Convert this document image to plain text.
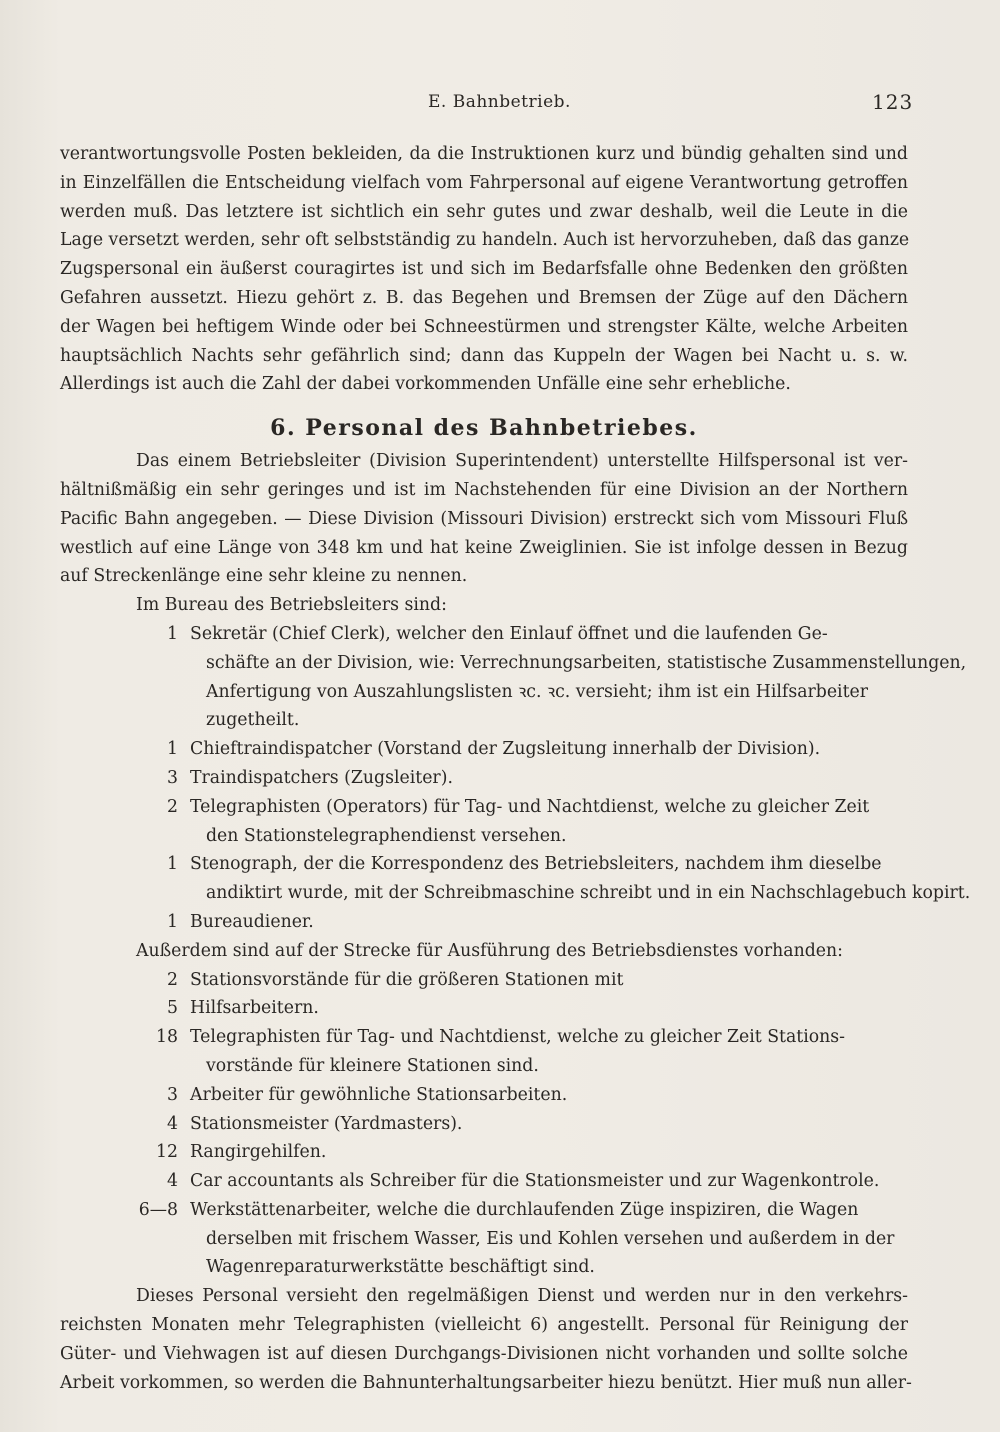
E. Bahnbetrieb.	123

verantwortungsvolle Posten bekleiden, da die Instruktionen kurz und bündig gehalten sind und

in Einzelfällen die Entscheidung vielfach vom Fahrpersonal auf eigene Verantwortung getroffen

werden muß. Das letztere ist sichtlich ein sehr gutes und zwar deshalb, weil die Leute in die

Lage versetzt werden, sehr oft selbstständig zu handeln. Auch ist hervorzuheben, daß das ganze

Zugspersonal ein äußerst couragirtes ist und sich im Bedarfsfalle ohne Bedenken den größten

Gefahren aussetzt. Hiezu gehört z. B. das Begehen und Bremsen der Züge auf den Dächern

der Wagen bei heftigem Winde oder bei Schneestürmen und strengster Kälte, welche Arbeiten

hauptsächlich Nachts sehr gefährlich sind; dann das Kuppeln der Wagen bei Nacht u. s. w.

Allerdings ist auch die Zahl der dabei vorkommenden Unfälle eine sehr erhebliche.

6. Personal des Bahnbetriebes.

Das einem Betriebsleiter (Division Superintendent) unterstellte Hilfspersonal ist ver-

hältnißmäßig ein sehr geringes und ist im Nachstehenden für eine Division an der Northern

Pacific Bahn angegeben. — Diese Division (Missouri Division) erstreckt sich vom Missouri Fluß

westlich auf eine Länge von 348 km und hat keine Zweiglinien. Sie ist infolge dessen in Bezug

auf Streckenlänge eine sehr kleine zu nennen.

Im Bureau des Betriebsleiters sind:

1 Sekretär (Chief Clerk), welcher den Einlauf öffnet und die laufenden Ge-

schäfte an der Division, wie: Verrechnungsarbeiten, statistische Zusammenstellungen,

Anfertigung von Auszahlungslisten ꝛc. ꝛc. versieht; ihm ist ein Hilfsarbeiter

zugetheilt.

1 Chieftraindispatcher (Vorstand der Zugsleitung innerhalb der Division).

3 Traindispatchers (Zugsleiter).

2 Telegraphisten (Operators) für Tag- und Nachtdienst, welche zu gleicher Zeit

den Stationstelegraphendienst versehen.

1 Stenograph, der die Korrespondenz des Betriebsleiters, nachdem ihm dieselbe

andiktirt wurde, mit der Schreibmaschine schreibt und in ein Nachschlagebuch kopirt.

1 Bureaudiener.

Außerdem sind auf der Strecke für Ausführung des Betriebsdienstes vorhanden:

2 Stationsvorstände für die größeren Stationen mit

5 Hilfsarbeitern.

18 Telegraphisten für Tag- und Nachtdienst, welche zu gleicher Zeit Stations-

vorstände für kleinere Stationen sind.

3 Arbeiter für gewöhnliche Stationsarbeiten.

4 Stationsmeister (Yardmasters).

12 Rangirgehilfen.

4 Car accountants als Schreiber für die Stationsmeister und zur Wagenkontrole.

6—8 Werkstättenarbeiter, welche die durchlaufenden Züge inspiziren, die Wagen

derselben mit frischem Wasser, Eis und Kohlen versehen und außerdem in der

Wagenreparaturwerkstätte beschäftigt sind.

Dieses Personal versieht den regelmäßigen Dienst und werden nur in den verkehrs-

reichsten Monaten mehr Telegraphisten (vielleicht 6) angestellt. Personal für Reinigung der

Güter- und Viehwagen ist auf diesen Durchgangs-Divisionen nicht vorhanden und sollte solche

Arbeit vorkommen, so werden die Bahnunterhaltungsarbeiter hiezu benützt. Hier muß nun aller-
